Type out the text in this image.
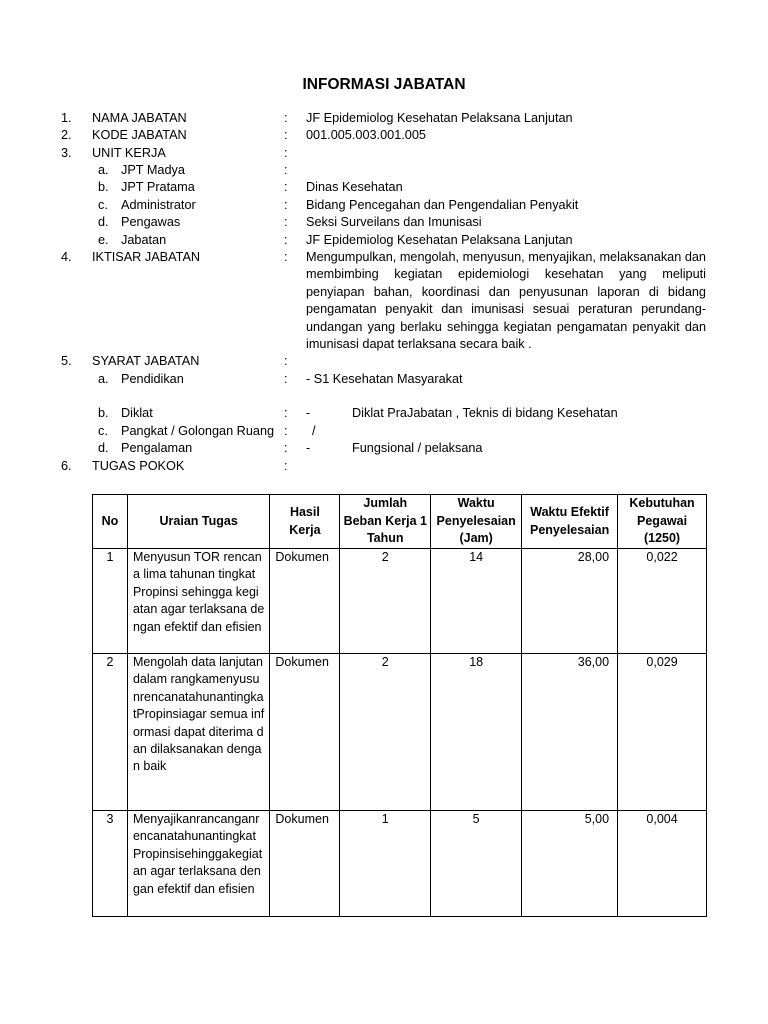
INFORMASI JABATAN
1. NAMA JABATAN	: JF Epidemiolog Kesehatan Pelaksana Lanjutan
2. KODE JABATAN	: 001.005.003.001.005
3. UNIT KERJA	:
a. JPT Madya	:
b. JPT Pratama	: Dinas Kesehatan
c. Administrator	: Bidang Pencegahan dan Pengendalian Penyakit
d. Pengawas	: Seksi Surveilans dan Imunisasi
e. Jabatan	: JF Epidemiolog Kesehatan Pelaksana Lanjutan
4. IKTISAR JABATAN	: Mengumpulkan, mengolah, menyusun, menyajikan, melaksanakan dan membimbing kegiatan epidemiologi kesehatan yang meliputi penyiapan bahan, koordinasi dan penyusunan laporan di bidang pengamatan penyakit dan imunisasi sesuai peraturan perundang-undangan yang berlaku sehingga kegiatan pengamatan penyakit dan imunisasi dapat terlaksana secara baik .
5. SYARAT JABATAN	:
a. Pendidikan	: - S1 Kesehatan Masyarakat
b. Diklat	: -	Diklat PraJabatan , Teknis di bidang Kesehatan
c. Pangkat / Golongan Ruang : /
d. Pengalaman	: -	Fungsional / pelaksana
6. TUGAS POKOK	:
No	Uraian Tugas	Hasil Kerja	Jumlah Beban Kerja 1 Tahun	Waktu Penyelesaian (Jam)	Waktu Efektif Penyelesaian	Kebutuhan Pegawai (1250)
1	Menyusun TOR rencana lima tahunan tingkat Propinsi sehingga kegiatan agar terlaksana dengan efektif dan efisien	Dokumen	2	14	28,00	0,022
2	Mengolah data lanjutan dalam rangkamenyusunrencanatahunantingkatPropinsiagar semua informasi dapat diterima dan dilaksanakan dengan baik	Dokumen	2	18	36,00	0,029
3	Menyajikanrancanganrencanatahunantingkat Propinsisehinggakegiatan agar terlaksana dengan efektif dan efisien	Dokumen	1	5	5,00	0,004
